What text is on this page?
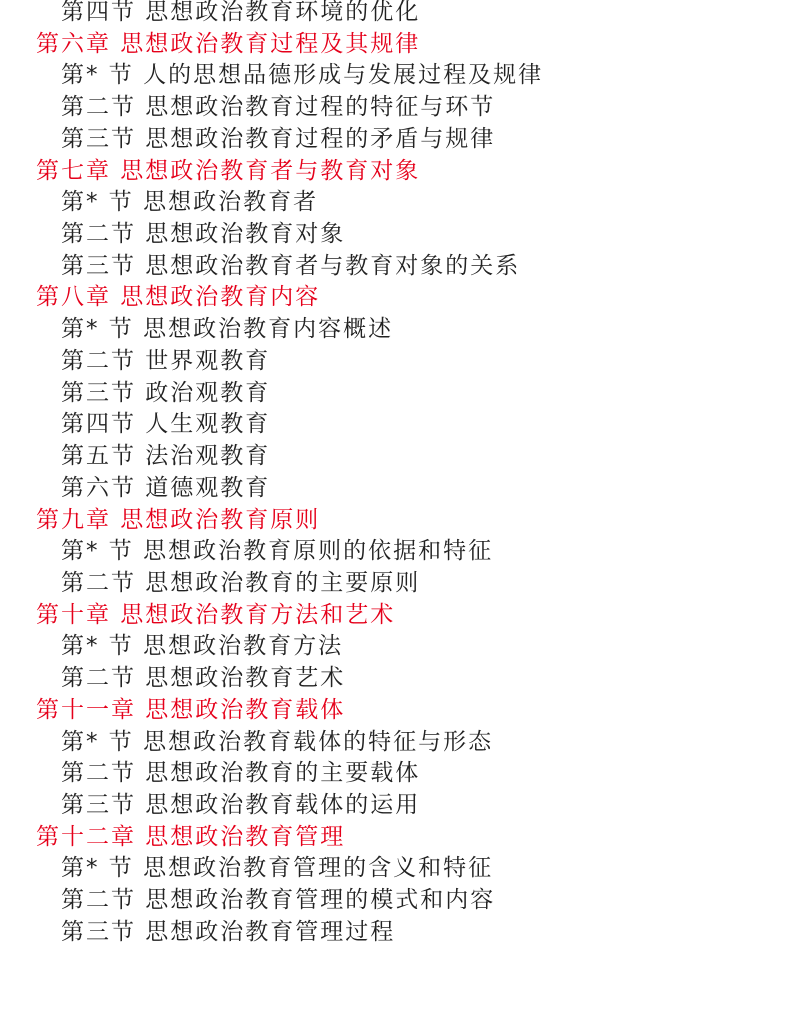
第四节 思想政治教育环境的优化
第六章 思想政治教育过程及其规律
第* 节 人的思想品德形成与发展过程及规律
第二节 思想政治教育过程的特征与环节
第三节 思想政治教育过程的矛盾与规律
第七章 思想政治教育者与教育对象
第* 节 思想政治教育者
第二节 思想政治教育对象
第三节 思想政治教育者与教育对象的关系
第八章 思想政治教育内容
第* 节 思想政治教育内容概述
第二节 世界观教育
第三节 政治观教育
第四节 人生观教育
第五节 法治观教育
第六节 道德观教育
第九章 思想政治教育原则
第* 节 思想政治教育原则的依据和特征
第二节 思想政治教育的主要原则
第十章 思想政治教育方法和艺术
第* 节 思想政治教育方法
第二节 思想政治教育艺术
第十一章 思想政治教育载体
第* 节 思想政治教育载体的特征与形态
第二节 思想政治教育的主要载体
第三节 思想政治教育载体的运用
第十二章 思想政治教育管理
第* 节 思想政治教育管理的含义和特征
第二节 思想政治教育管理的模式和内容
第三节 思想政治教育管理过程
